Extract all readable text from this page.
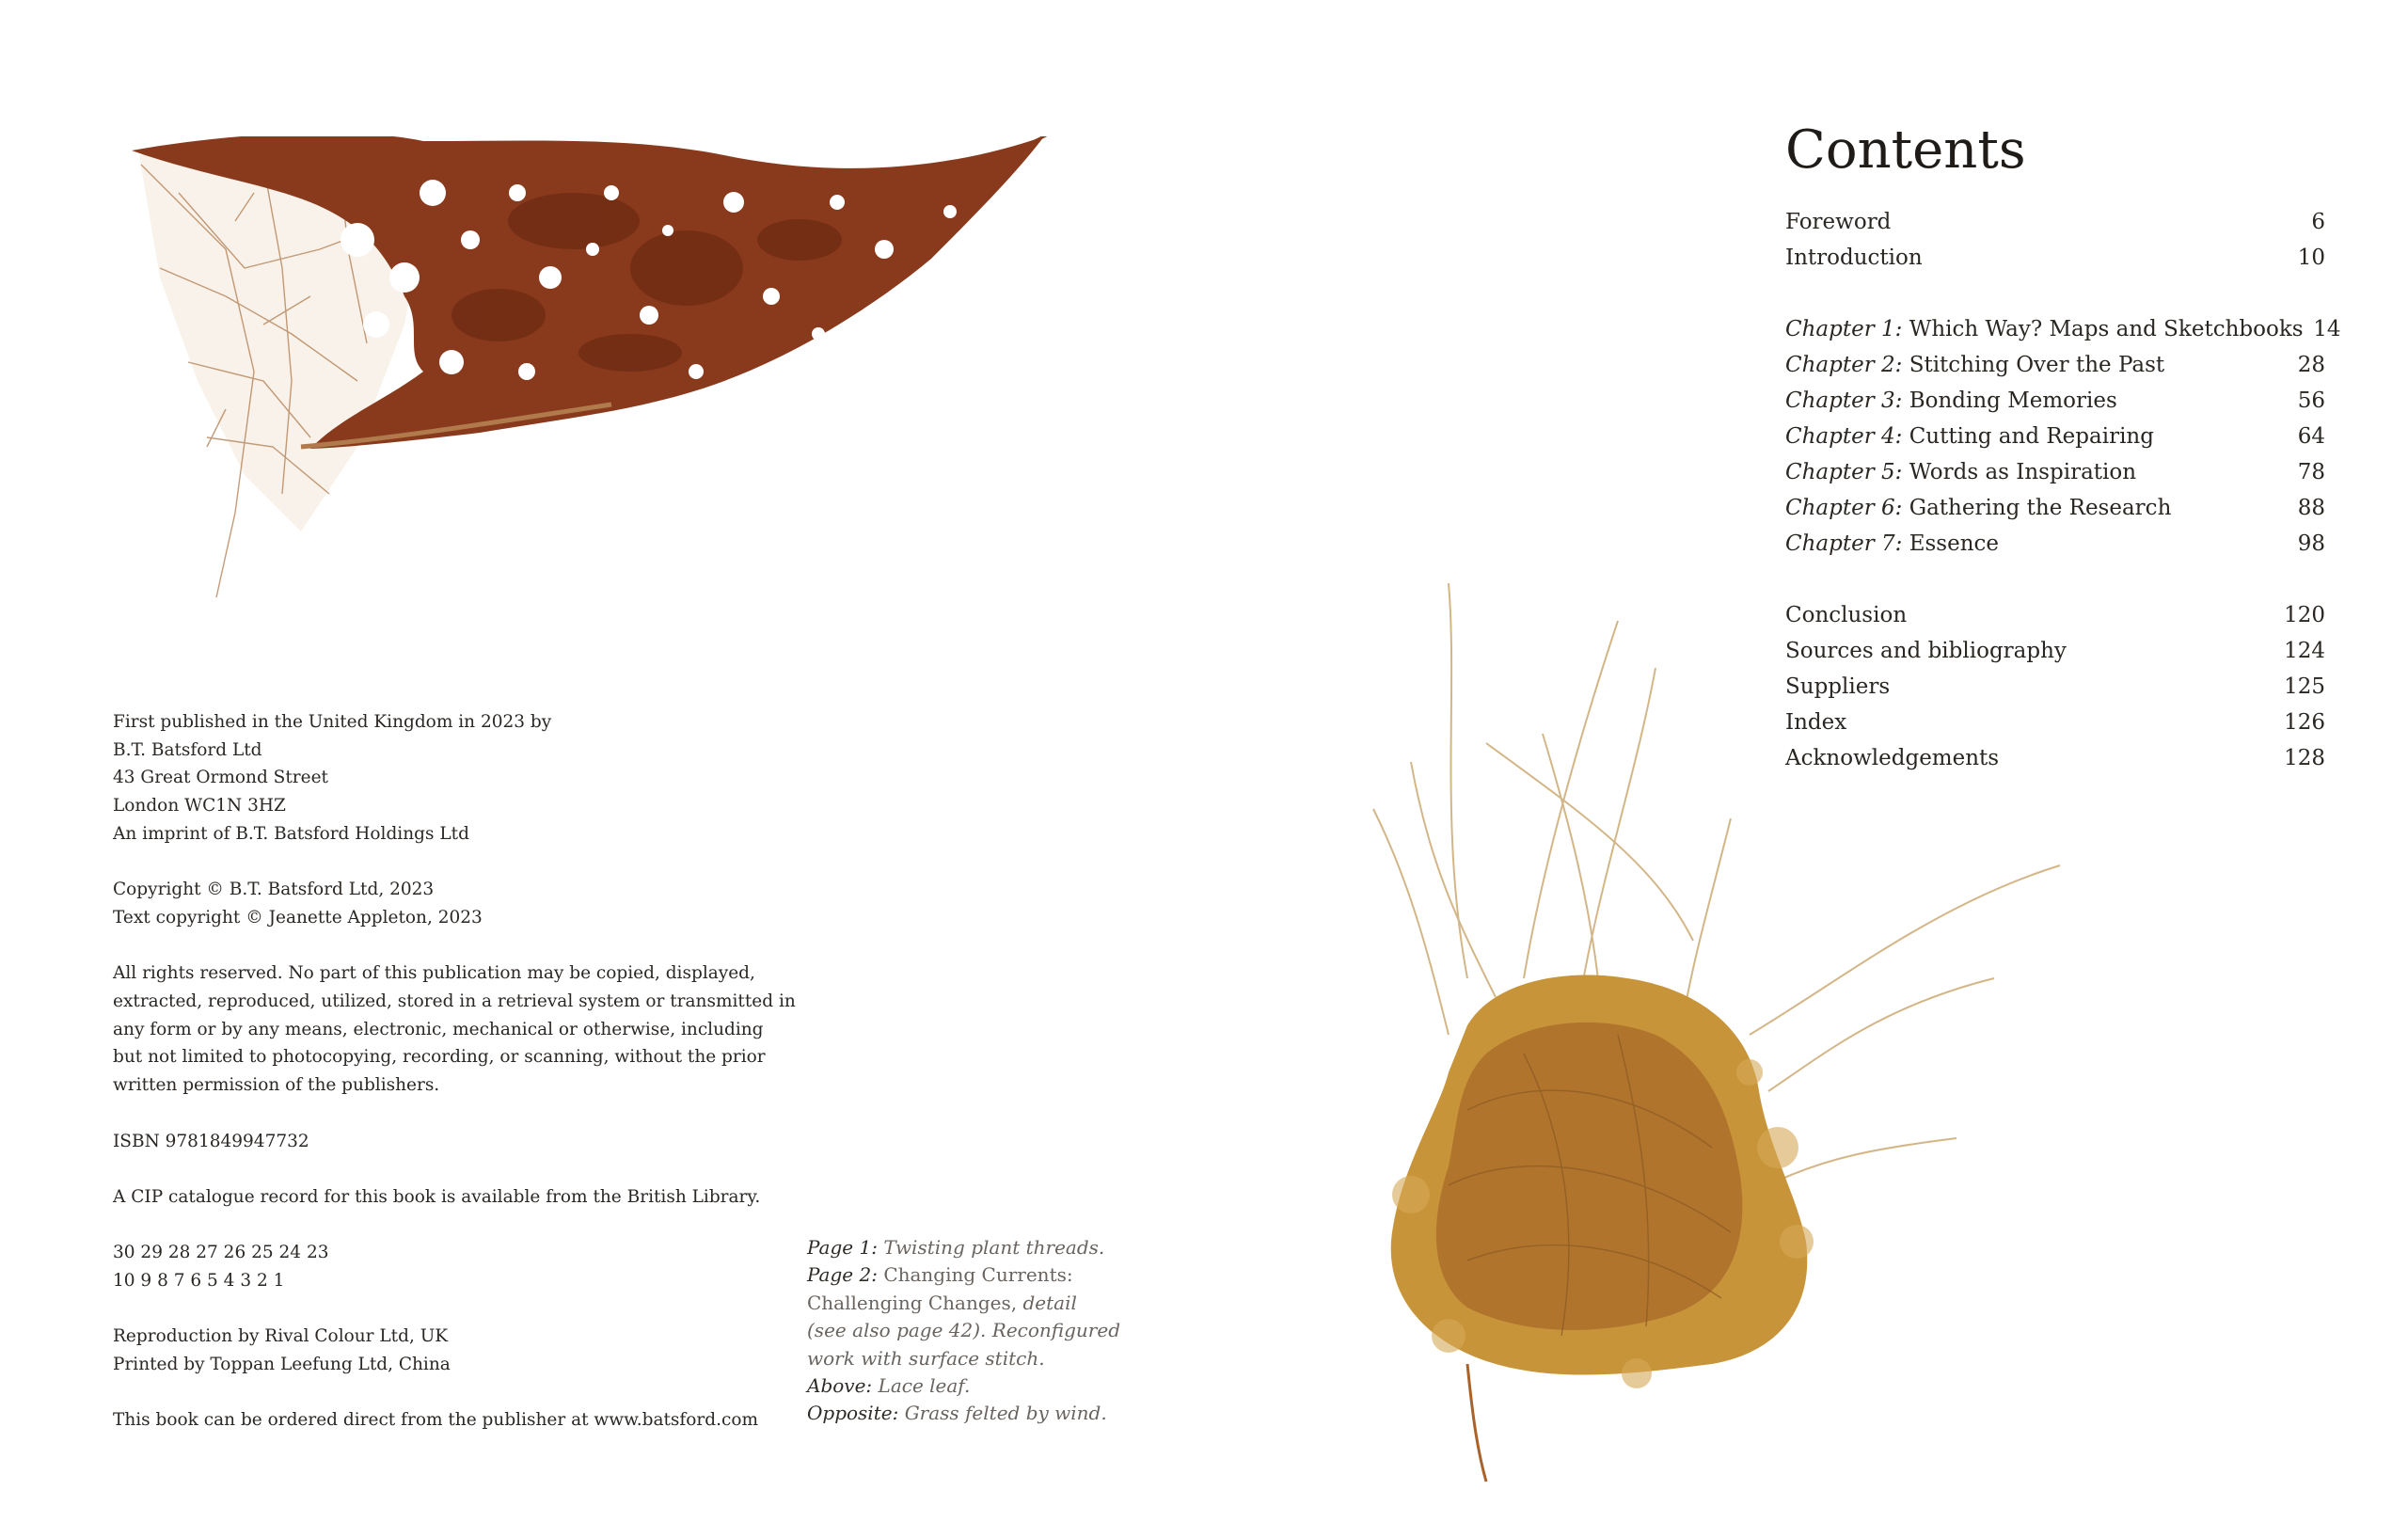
First published in the United Kingdom in 2023 by
B.T. Batsford Ltd
43 Great Ormond Street
London WC1N 3HZ
An imprint of B.T. Batsford Holdings Ltd

Copyright © B.T. Batsford Ltd, 2023
Text copyright © Jeanette Appleton, 2023

All rights reserved. No part of this publication may be copied, displayed,
extracted, reproduced, utilized, stored in a retrieval system or transmitted in
any form or by any means, electronic, mechanical or otherwise, including
but not limited to photocopying, recording, or scanning, without the prior
written permission of the publishers.

ISBN 9781849947732

A CIP catalogue record for this book is available from the British Library.

30 29 28 27 26 25 24 23
10 9 8 7 6 5 4 3 2 1

Reproduction by Rival Colour Ltd, UK
Printed by Toppan Leefung Ltd, China

This book can be ordered direct from the publisher at www.batsford.com

Page 1: Twisting plant threads.
Page 2: Changing Currents:
Challenging Changes, detail
(see also page 42). Reconfigured
work with surface stitch.
Above: Lace leaf.
Opposite: Grass felted by wind.
Contents
Foreword	6
Introduction	10
Chapter 1: Which Way? Maps and Sketchbooks 14
Chapter 2: Stitching Over the Past	28
Chapter 3: Bonding Memories	56
Chapter 4: Cutting and Repairing	64
Chapter 5: Words as Inspiration	78
Chapter 6: Gathering the Research	88
Chapter 7: Essence	98
Conclusion	120
Sources and bibliography	124
Suppliers	125
Index	126
Acknowledgements	128
